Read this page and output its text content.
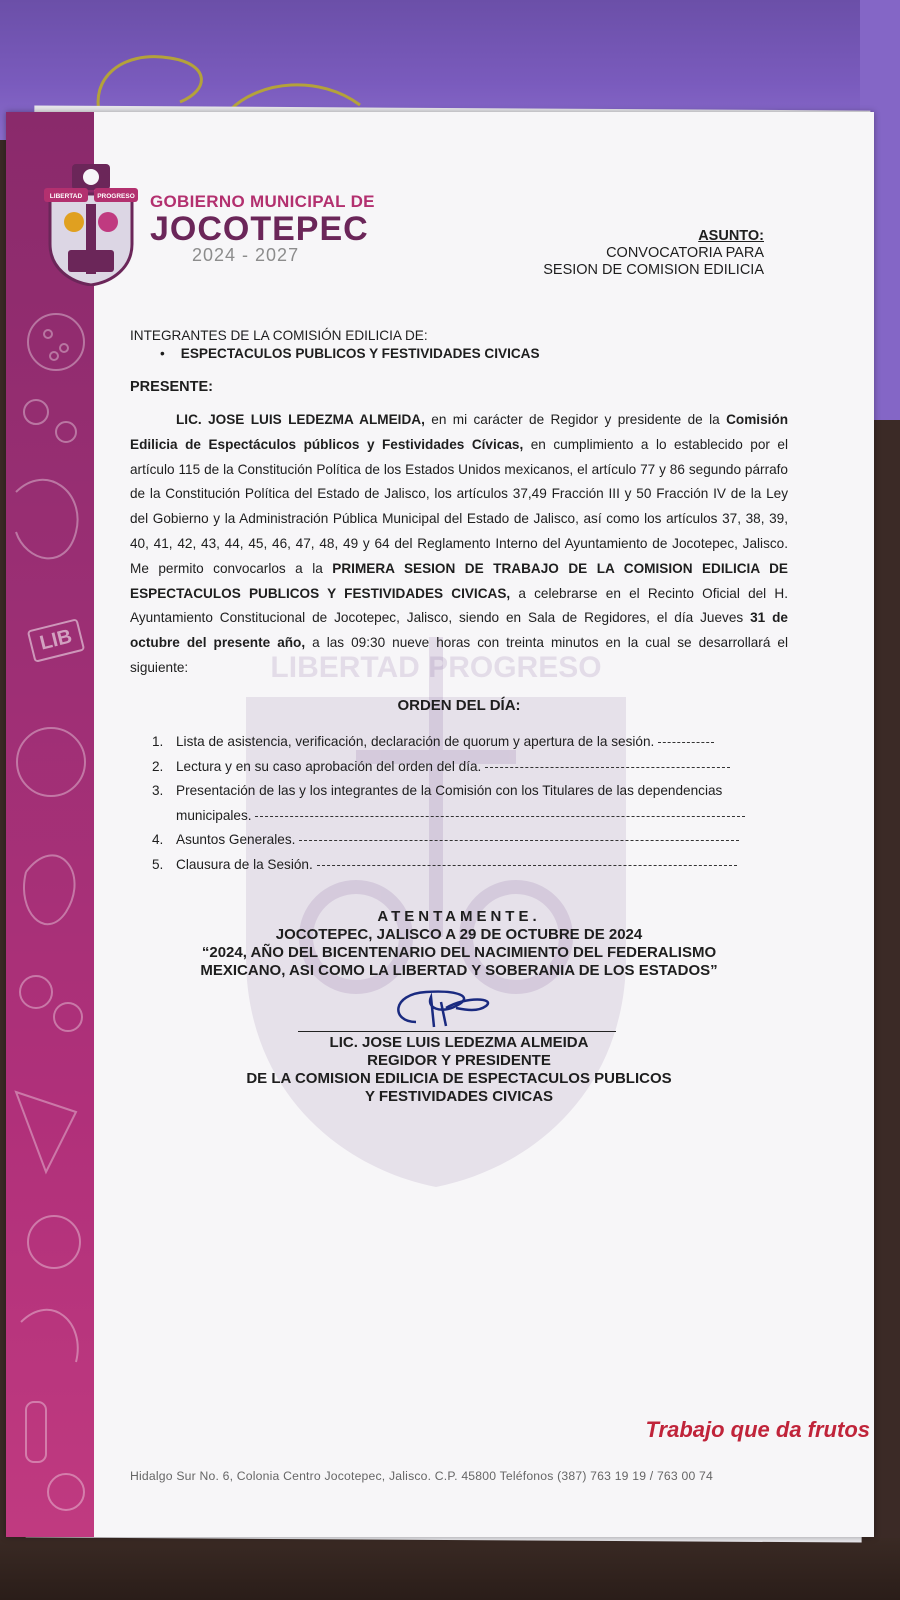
LIB
LIBERTAD PROGRESO
LIBERTAD PROGRESO GOBIERNO MUNICIPAL DE
JOCOTEPEC
2024 - 2027
ASUNTO:
CONVOCATORIA PARA
SESION DE COMISION EDILICIA
INTEGRANTES DE LA COMISIÓN EDILICIA DE:
• ESPECTACULOS PUBLICOS Y FESTIVIDADES CIVICAS
PRESENTE:
LIC. JOSE LUIS LEDEZMA ALMEIDA, en mi carácter de Regidor y presidente de la Comisión Edilicia de Espectáculos públicos y Festividades Cívicas, en cumplimiento a lo establecido por el artículo 115 de la Constitución Política de los Estados Unidos mexicanos, el artículo 77 y 86 segundo párrafo de la Constitución Política del Estado de Jalisco, los artículos 37,49 Fracción III y 50 Fracción IV de la Ley del Gobierno y la Administración Pública Municipal del Estado de Jalisco, así como los artículos 37, 38, 39, 40, 41, 42, 43, 44, 45, 46, 47, 48, 49 y 64 del Reglamento Interno del Ayuntamiento de Jocotepec, Jalisco. Me permito convocarlos a la PRIMERA SESION DE TRABAJO DE LA COMISION EDILICIA DE ESPECTACULOS PUBLICOS Y FESTIVIDADES CIVICAS, a celebrarse en el Recinto Oficial del H. Ayuntamiento Constitucional de Jocotepec, Jalisco, siendo en Sala de Regidores, el día Jueves 31 de octubre del presente año, a las 09:30 nueve horas con treinta minutos en la cual se desarrollará el siguiente:
ORDEN DEL DÍA:
1. Lista de asistencia, verificación, declaración de quorum y apertura de la sesión.
2. Lectura y en su caso aprobación del orden del día.
3. Presentación de las y los integrantes de la Comisión con los Titulares de las dependencias
municipales.
4. Asuntos Generales.
5. Clausura de la Sesión.
ATENTAMENTE.
JOCOTEPEC, JALISCO A 29 DE OCTUBRE DE 2024
“2024, AÑO DEL BICENTENARIO DEL NACIMIENTO DEL FEDERALISMO
MEXICANO, ASI COMO LA LIBERTAD Y SOBERANIA DE LOS ESTADOS”
LIC. JOSE LUIS LEDEZMA ALMEIDA
REGIDOR Y PRESIDENTE
DE LA COMISION EDILICIA DE ESPECTACULOS PUBLICOS
Y FESTIVIDADES CIVICAS
Trabajo que da frutos
Hidalgo Sur No. 6, Colonia Centro Jocotepec, Jalisco. C.P. 45800 Teléfonos (387) 763 19 19 / 763 00 74
